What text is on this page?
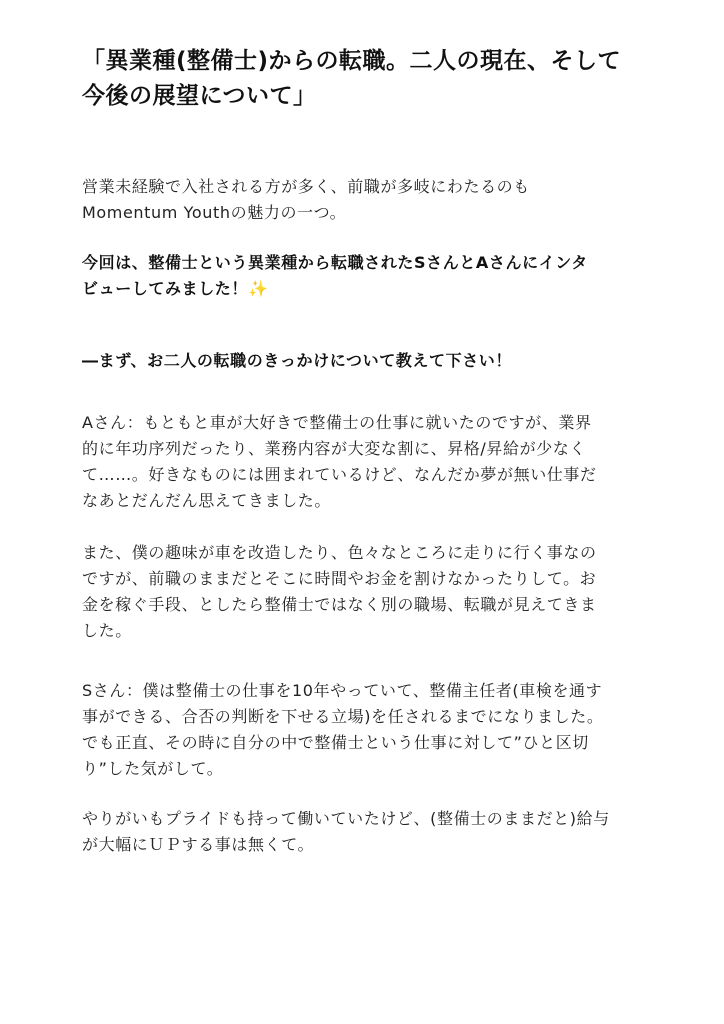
「異業種(整備士)からの転職。二人の現在、そして
今後の展望について」

営業未経験で入社される方が多く、前職が多岐にわたるのも
Momentum Youthの魅力の一つ。

今回は、整備士という異業種から転職されたSさんとAさんにインタ
ビューしてみました！✨

―まず、お二人の転職のきっかけについて教えて下さい！

Aさん：もともと車が大好きで整備士の仕事に就いたのですが、業界
的に年功序列だったり、業務内容が大変な割に、昇格/昇給が少なく
て……。好きなものには囲まれているけど、なんだか夢が無い仕事だ
なあとだんだん思えてきました。

また、僕の趣味が車を改造したり、色々なところに走りに行く事なの
ですが、前職のままだとそこに時間やお金を割けなかったりして。お
金を稼ぐ手段、としたら整備士ではなく別の職場、転職が見えてきま
した。

Sさん：僕は整備士の仕事を10年やっていて、整備主任者(車検を通す
事ができる、合否の判断を下せる立場)を任されるまでになりました。
でも正直、その時に自分の中で整備士という仕事に対して”ひと区切
り”した気がして。

やりがいもプライドも持って働いていたけど、(整備士のままだと)給与
が大幅にＵＰする事は無くて。
